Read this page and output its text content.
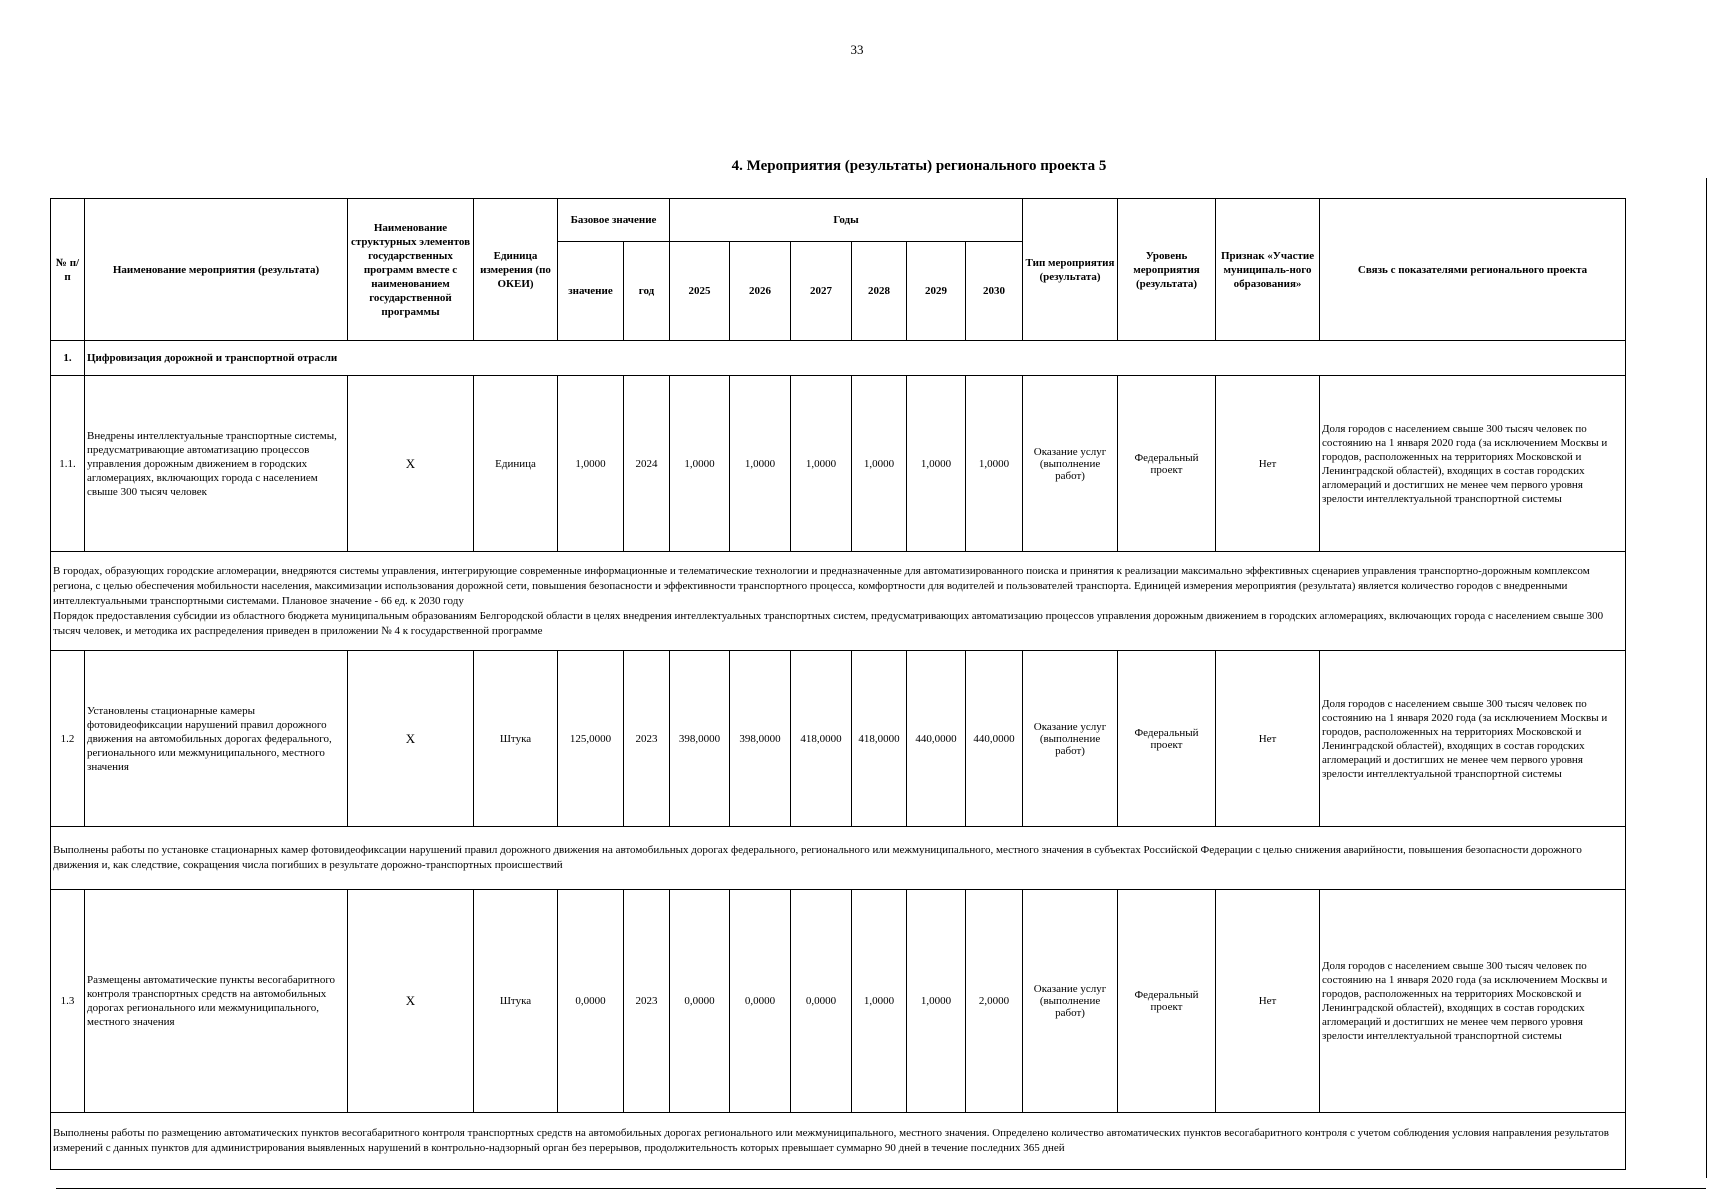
33
4. Мероприятия (результаты) регионального проекта 5
№ п/п	Наименование мероприятия (результата)	Наименование структурных элементов государственных программ вместе с наименованием государственной программы	Единица измерения (по ОКЕИ)	Базовое значение		Годы						Тип мероприятия (результата)	Уровень мероприятия (результата)	Признак «Участие муниципаль-ного образования»	Связь с показателями регионального проекта
				значение	год	2025	2026	2027	2028	2029	2030				
1.	Цифровизация дорожной и транспортной отрасли														
1.1.	Внедрены интеллектуальные транспортные системы, предусматривающие автоматизацию процессов управления дорожным движением в городских агломерациях, включающих города с населением свыше 300 тысяч человек	X	Единица	1,0000	2024	1,0000	1,0000	1,0000	1,0000	1,0000	1,0000	Оказание услуг (выполнение работ)	Федеральный проект	Нет	Доля городов с населением свыше 300 тысяч человек по состоянию на 1 января 2020 года (за исключением Москвы и городов, расположенных на территориях Московской и Ленинградской областей), входящих в состав городских агломераций и достигших не менее чем первого уровня зрелости интеллектуальной транспортной системы

В городах, образующих городские агломерации, внедряются системы управления, интегрирующие современные информационные и телематические технологии и предназначенные для автоматизированного поиска и принятия к реализации максимально эффективных сценариев управления транспортно-дорожным комплексом региона, с целью обеспечения мобильности населения, максимизации использования дорожной сети, повышения безопасности и эффективности транспортного процесса, комфортности для водителей и пользователей транспорта. Единицей измерения мероприятия (результата) является количество городов с внедренными интеллектуальными транспортными системами. Плановое значение - 66 ед. к 2030 году
Порядок предоставления субсидии из областного бюджета муниципальным образованиям Белгородской области в целях внедрения интеллектуальных транспортных систем, предусматривающих автоматизацию процессов управления дорожным движением в городских агломерациях, включающих города с населением свыше 300 тысяч человек, и методика их распределения приведен в приложении № 4 к государственной программе															

1.2	Установлены стационарные камеры фотовидеофиксации нарушений правил дорожного движения на автомобильных дорогах федерального, регионального или межмуниципального, местного значения	X	Штука	125,0000	2023	398,0000	398,0000	418,0000	418,0000	440,0000	440,0000	Оказание услуг (выполнение работ)	Федеральный проект	Нет	Доля городов с населением свыше 300 тысяч человек по состоянию на 1 января 2020 года (за исключением Москвы и городов, расположенных на территориях Московской и Ленинградской областей), входящих в состав городских агломераций и достигших не менее чем первого уровня зрелости интеллектуальной транспортной системы
Выполнены работы по установке стационарных камер фотовидеофиксации нарушений правил дорожного движения на автомобильных дорогах федерального, регионального или межмуниципального, местного значения в субъектах Российской Федерации с целью снижения аварийности, повышения безопасности дорожного движения и, как следствие, сокращения числа погибших в результате дорожно-транспортных происшествий															
1.3	Размещены автоматические пункты весогабаритного контроля транспортных средств на автомобильных дорогах регионального или межмуниципального, местного значения	X	Штука	0,0000	2023	0,0000	0,0000	0,0000	1,0000	1,0000	2,0000	Оказание услуг (выполнение работ)	Федеральный проект	Нет	Доля городов с населением свыше 300 тысяч человек по состоянию на 1 января 2020 года (за исключением Москвы и городов, расположенных на территориях Московской и Ленинградской областей), входящих в состав городских агломераций и достигших не менее чем первого уровня зрелости интеллектуальной транспортной системы
Выполнены работы по размещению автоматических пунктов весогабаритного контроля транспортных средств на автомобильных дорогах регионального или межмуниципального, местного значения. Определено количество автоматических пунктов весогабаритного контроля с учетом соблюдения условия направления результатов измерений с данных пунктов для администрирования выявленных нарушений в контрольно-надзорный орган без перерывов, продолжительность которых превышает суммарно 90 дней в течение последних 365 дней															
